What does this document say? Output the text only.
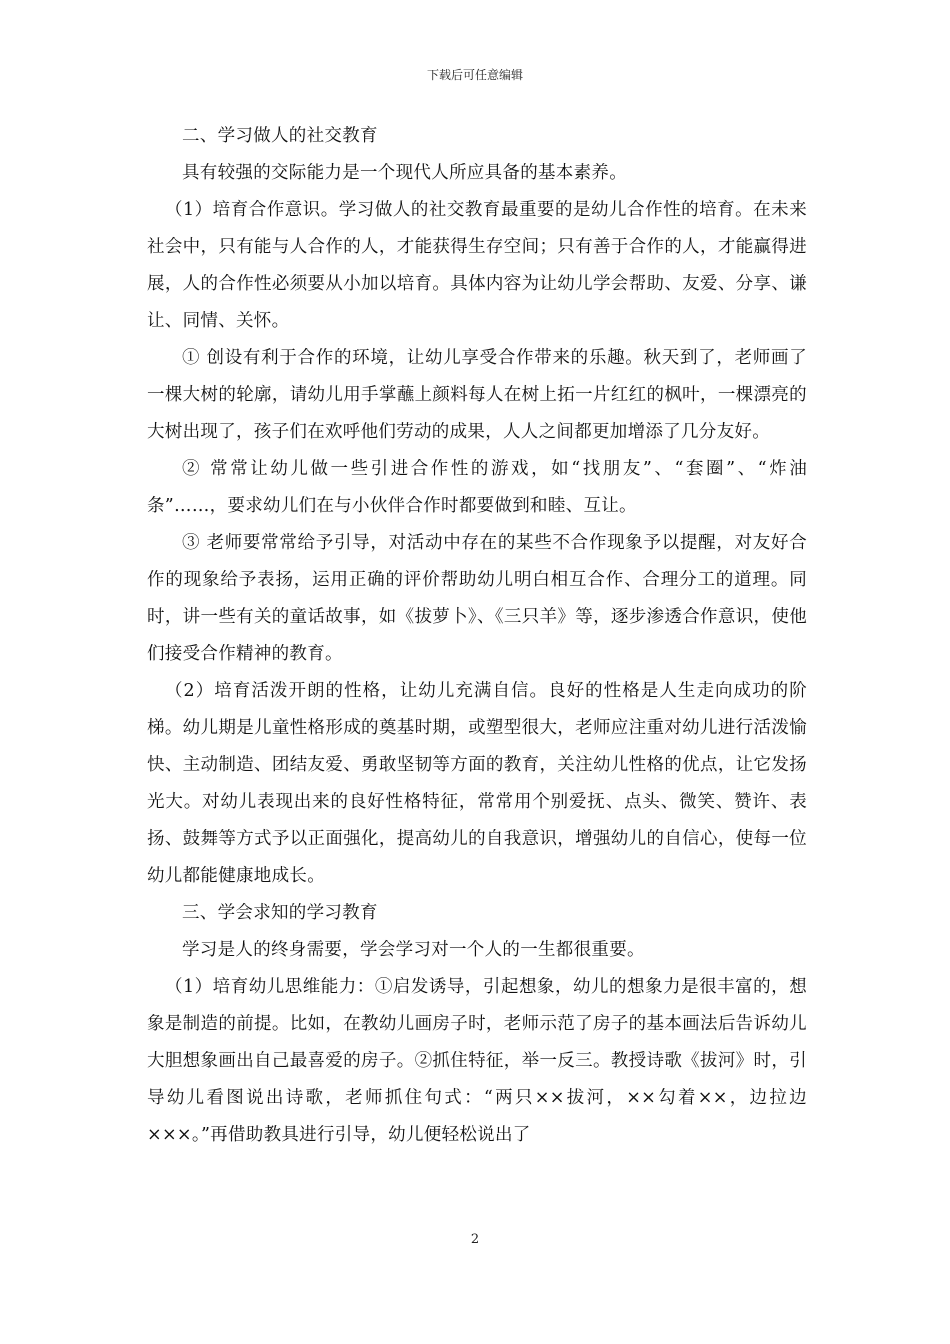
下载后可任意编辑

二、学习做人的社交教育

具有较强的交际能力是一个现代人所应具备的基本素养。

（1）培育合作意识。学习做人的社交教育最重要的是幼儿合作性的培育。在未来社会中，只有能与人合作的人，才能获得生存空间；只有善于合作的人，才能赢得进展，人的合作性必须要从小加以培育。具体内容为让幼儿学会帮助、友爱、分享、谦让、同情、关怀。

① 创设有利于合作的环境，让幼儿享受合作带来的乐趣。秋天到了，老师画了一棵大树的轮廓，请幼儿用手掌蘸上颜料每人在树上拓一片红红的枫叶，一棵漂亮的大树出现了，孩子们在欢呼他们劳动的成果，人人之间都更加增添了几分友好。

② 常常让幼儿做一些引进合作性的游戏，如“找朋友”、“套圈”、“炸油条”……，要求幼儿们在与小伙伴合作时都要做到和睦、互让。

③ 老师要常常给予引导，对活动中存在的某些不合作现象予以提醒，对友好合作的现象给予表扬，运用正确的评价帮助幼儿明白相互合作、合理分工的道理。同时，讲一些有关的童话故事，如《拔萝卜》、《三只羊》等，逐步渗透合作意识，使他们接受合作精神的教育。

（2）培育活泼开朗的性格，让幼儿充满自信。良好的性格是人生走向成功的阶梯。幼儿期是儿童性格形成的奠基时期，或塑型很大，老师应注重对幼儿进行活泼愉快、主动制造、团结友爱、勇敢坚韧等方面的教育，关注幼儿性格的优点，让它发扬光大。对幼儿表现出来的良好性格特征，常常用个别爱抚、点头、微笑、赞许、表扬、鼓舞等方式予以正面强化，提高幼儿的自我意识，增强幼儿的自信心，使每一位幼儿都能健康地成长。

三、学会求知的学习教育

学习是人的终身需要，学会学习对一个人的一生都很重要。

（1）培育幼儿思维能力：①启发诱导，引起想象，幼儿的想象力是很丰富的，想象是制造的前提。比如，在教幼儿画房子时，老师示范了房子的基本画法后告诉幼儿大胆想象画出自己最喜爱的房子。②抓住特征，举一反三。教授诗歌《拔河》时，引导幼儿看图说出诗歌，老师抓住句式：“两只××拔河，××勾着××，边拉边×××。”再借助教具进行引导，幼儿便轻松说出了

2
